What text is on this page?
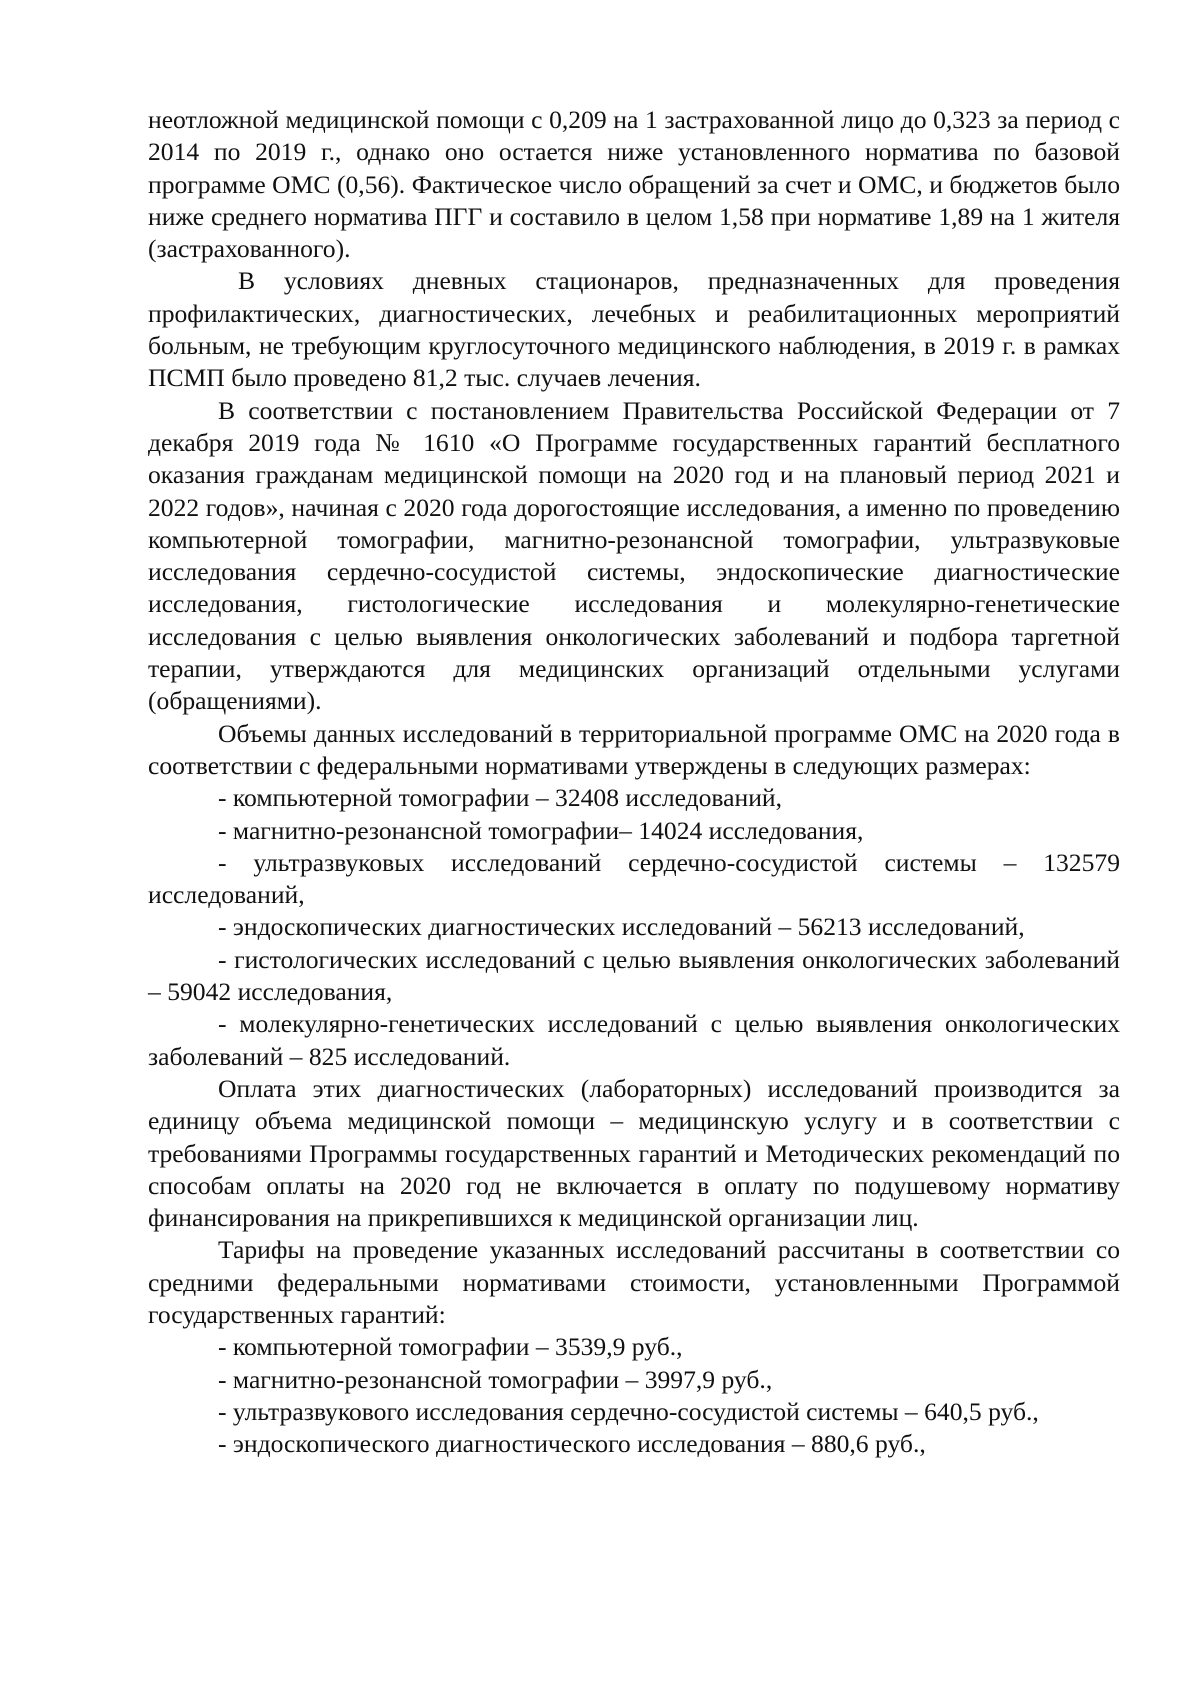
неотложной медицинской помощи с 0,209 на 1 застрахованной лицо до 0,323 за период с 2014 по 2019 г., однако оно остается ниже установленного норматива по базовой программе ОМС (0,56). Фактическое число обращений за счет и ОМС, и бюджетов было ниже среднего норматива ПГГ и составило в целом 1,58 при нормативе 1,89 на 1 жителя (застрахованного).

В условиях дневных стационаров, предназначенных для проведения профилактических, диагностических, лечебных и реабилитационных мероприятий больным, не требующим круглосуточного медицинского наблюдения, в 2019 г. в рамках ПСМП было проведено 81,2 тыс. случаев лечения.

В соответствии с постановлением Правительства Российской Федерации от 7 декабря 2019 года № 1610 «О Программе государственных гарантий бесплатного оказания гражданам медицинской помощи на 2020 год и на плановый период 2021 и 2022 годов», начиная с 2020 года дорогостоящие исследования, а именно по проведению компьютерной томографии, магнитно-резонансной томографии, ультразвуковые исследования сердечно-сосудистой системы, эндоскопические диагностические исследования, гистологические исследования и молекулярно-генетические исследования с целью выявления онкологических заболеваний и подбора таргетной терапии, утверждаются для медицинских организаций отдельными услугами (обращениями).

Объемы данных исследований в территориальной программе ОМС на 2020 года в соответствии с федеральными нормативами утверждены в следующих размерах:

- компьютерной томографии – 32408 исследований,

- магнитно-резонансной томографии– 14024 исследования,

- ультразвуковых исследований сердечно-сосудистой системы – 132579 исследований,

- эндоскопических диагностических исследований – 56213 исследований,

- гистологических исследований с целью выявления онкологических заболеваний – 59042 исследования,

- молекулярно-генетических исследований с целью выявления онкологических заболеваний – 825 исследований.

Оплата этих диагностических (лабораторных) исследований производится за единицу объема медицинской помощи – медицинскую услугу и в соответствии с требованиями Программы государственных гарантий и Методических рекомендаций по способам оплаты на 2020 год не включается в оплату по подушевому нормативу финансирования на прикрепившихся к медицинской организации лиц.

Тарифы на проведение указанных исследований рассчитаны в соответствии со средними федеральными нормативами стоимости, установленными Программой государственных гарантий:

- компьютерной томографии – 3539,9 руб.,

- магнитно-резонансной томографии – 3997,9 руб.,

- ультразвукового исследования сердечно-сосудистой системы – 640,5 руб.,

- эндоскопического диагностического исследования – 880,6 руб.,
